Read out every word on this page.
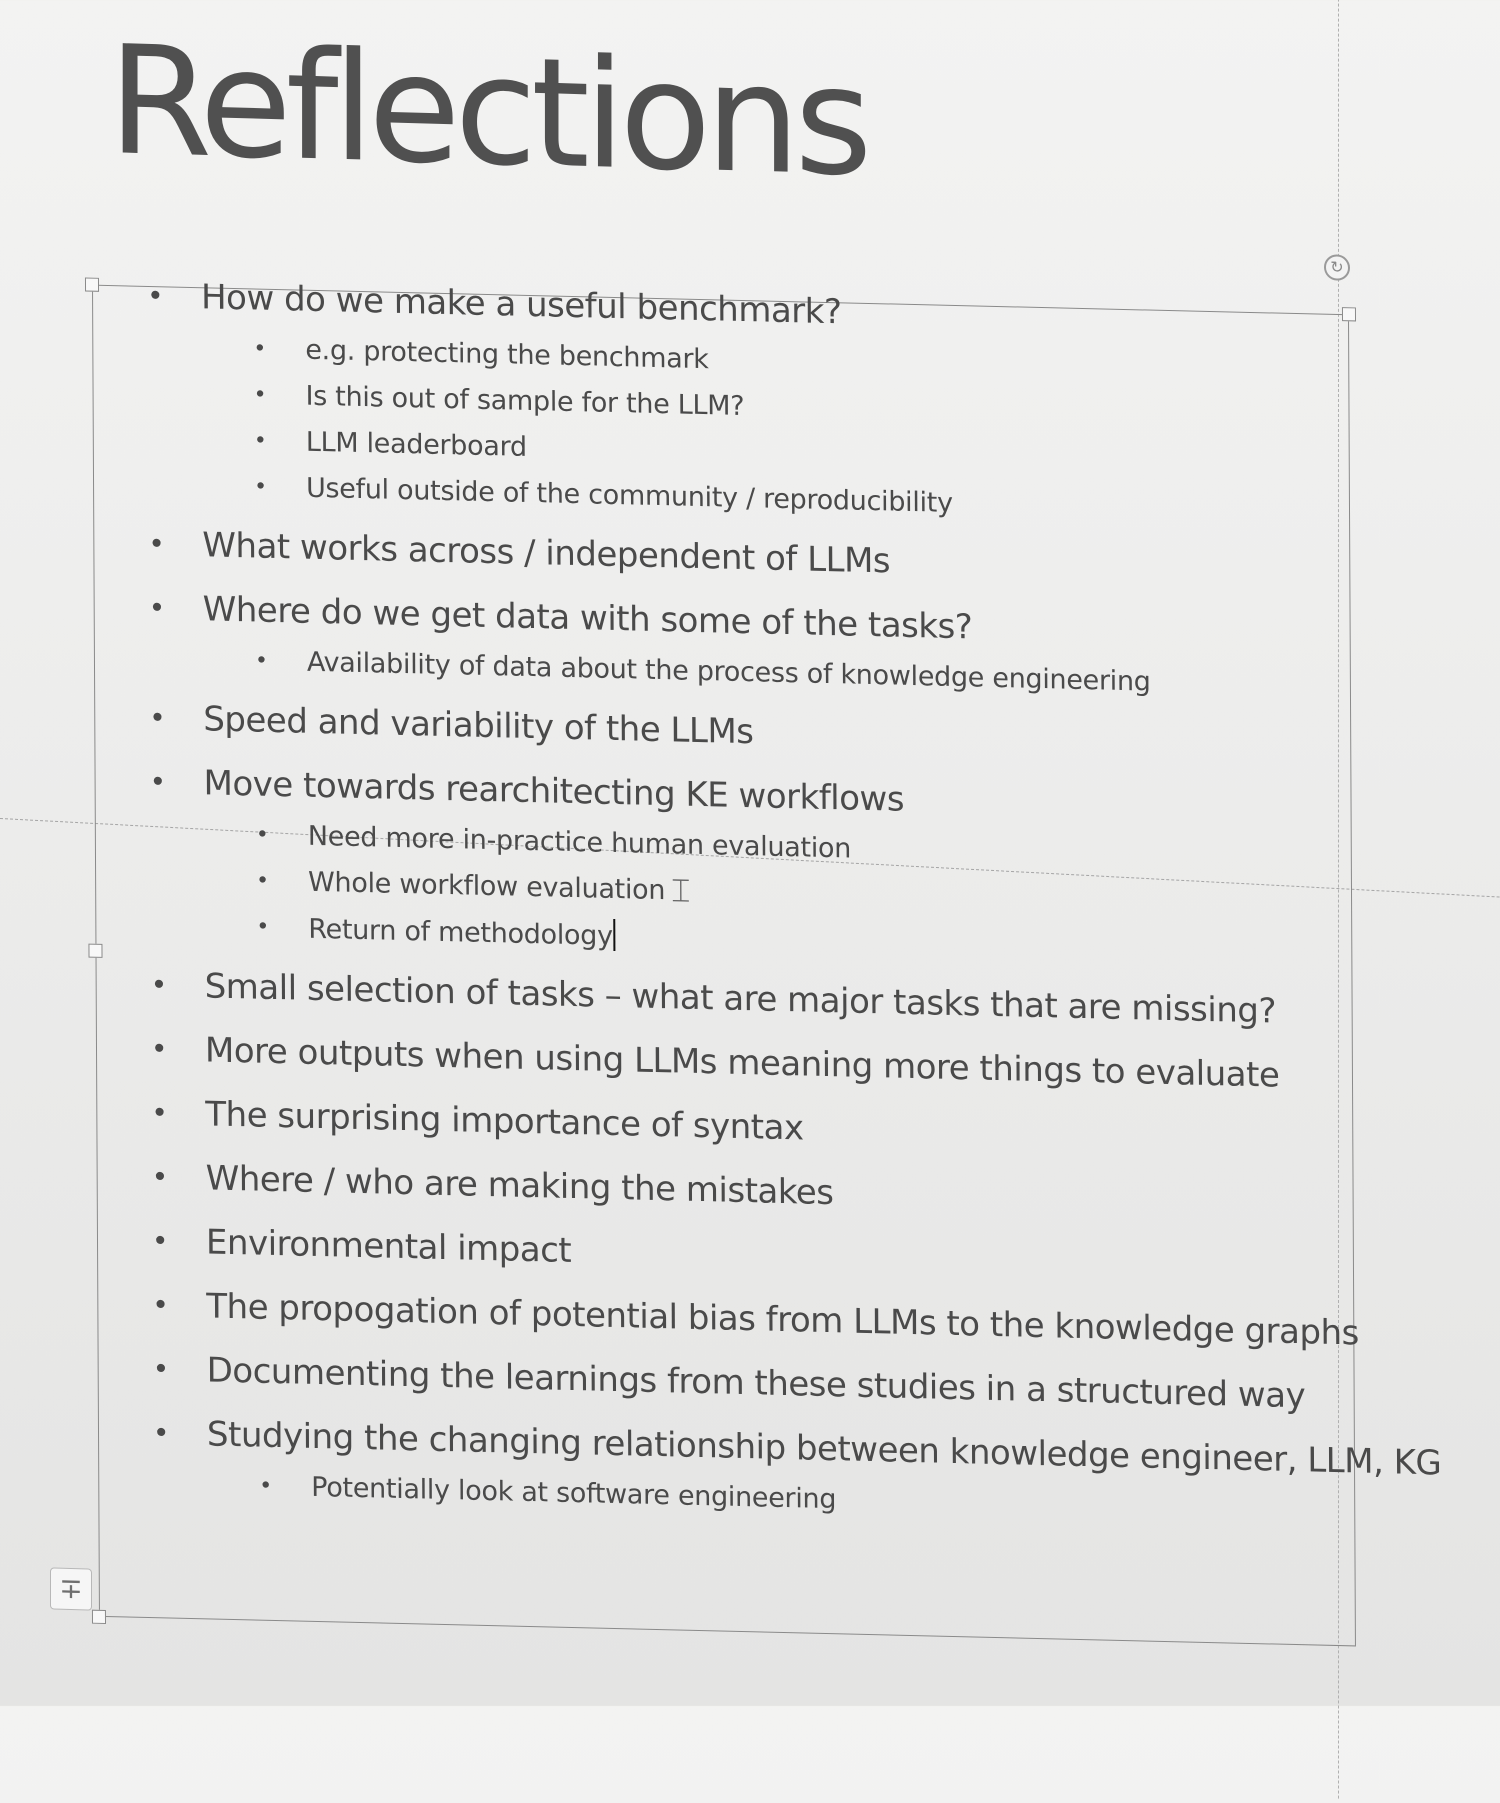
Reflections
↻
• How do we make a useful benchmark?
• e.g. protecting the benchmark
• Is this out of sample for the LLM?
• LLM leaderboard
• Useful outside of the community / reproducibility
• What works across / independent of LLMs
• Where do we get data with some of the tasks?
• Availability of data about the process of knowledge engineering
• Speed and variability of the LLMs
• Move towards rearchitecting KE workflows
• Need more in-practice human evaluation
• Whole workflow evaluation ⌶
• Return of methodology
• Small selection of tasks – what are major tasks that are missing?
• More outputs when using LLMs meaning more things to evaluate
• The surprising importance of syntax
• Where / who are making the mistakes
• Environmental impact
• The propogation of potential bias from LLMs to the knowledge graphs
• Documenting the learnings from these studies in a structured way
• Studying the changing relationship between knowledge engineer, LLM, KG
• Potentially look at software engineering
∓
